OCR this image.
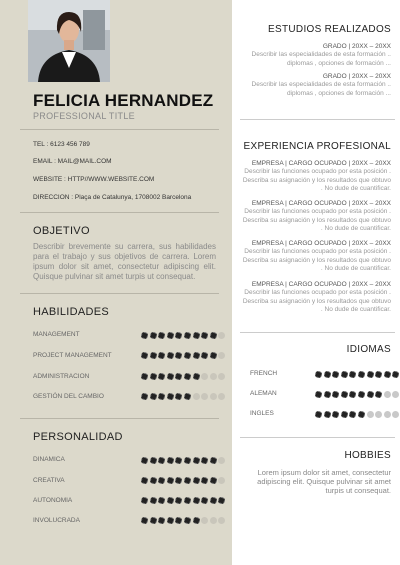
FELICIA HERNANDEZ
PROFESSIONAL TITLE
TEL : 6123 456 789
EMAIL : MAIL@MAIL.COM
WEBSITE : HTTP//WWW.WEBSITE.COM
DIRECCION : Plaça de Catalunya, 1708002 Barcelona
OBJETIVO
Describir brevemente su carrera, sus habilidades para el trabajo y sus objetivos de carrera. Lorem ipsum dolor sit amet, consectetur adipiscing elit. Quisque pulvinar sit amet turpis ut consequat.
HABILIDADES
MANAGEMENT
PROJECT MANAGEMENT
ADMINISTRACION
GESTIÓN DEL CAMBIO
PERSONALIDAD
DINAMICA
CREATIVA
AUTONOMIA
INVOLUCRADA
ESTUDIOS REALIZADOS
GRADO | 20XX – 20XX
Describir las especialidades de esta formación ..
diplomas , opciones de formación ...
GRADO | 20XX – 20XX
Describir las especialidades de esta formación ..
diplomas , opciones de formación ...
EXPERIENCIA PROFESIONAL
EMPRESA | CARGO OCUPADO | 20XX – 20XX
Describir las funciones ocupado por esta posición .
Describa su asignación y los resultados que obtuvo
. No dude de cuantificar.
EMPRESA | CARGO OCUPADO | 20XX – 20XX
Describir las funciones ocupado por esta posición .
Describa su asignación y los resultados que obtuvo
. No dude de cuantificar.
EMPRESA | CARGO OCUPADO | 20XX – 20XX
Describir las funciones ocupado por esta posición .
Describa su asignación y los resultados que obtuvo
. No dude de cuantificar.
EMPRESA | CARGO OCUPADO | 20XX – 20XX
Describir las funciones ocupado por esta posición .
Describa su asignación y los resultados que obtuvo
. No dude de cuantificar.
IDIOMAS
FRENCH
ALEMAN
INGLES
HOBBIES
Lorem ipsum dolor sit amet, consectetur adipiscing elit. Quisque pulvinar sit amet turpis ut consequat.
